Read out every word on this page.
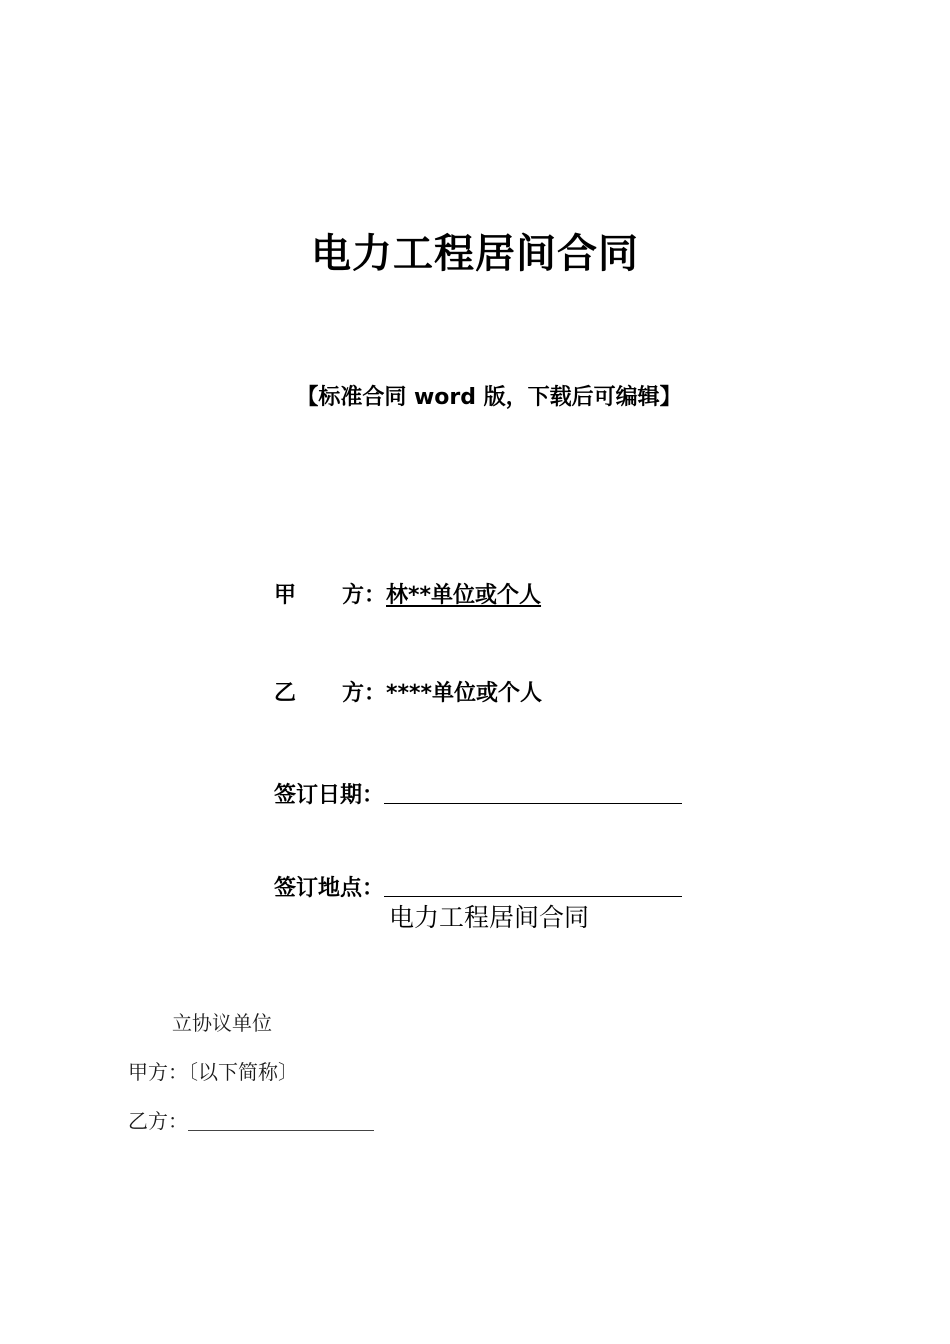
电力工程居间合同
【标准合同 word 版，下载后可编辑】
甲 方：林**单位或个人
乙 方：****单位或个人
签订日期：
签订地点：
电力工程居间合同
立协议单位
甲方：〔以下简称〕
乙方：
